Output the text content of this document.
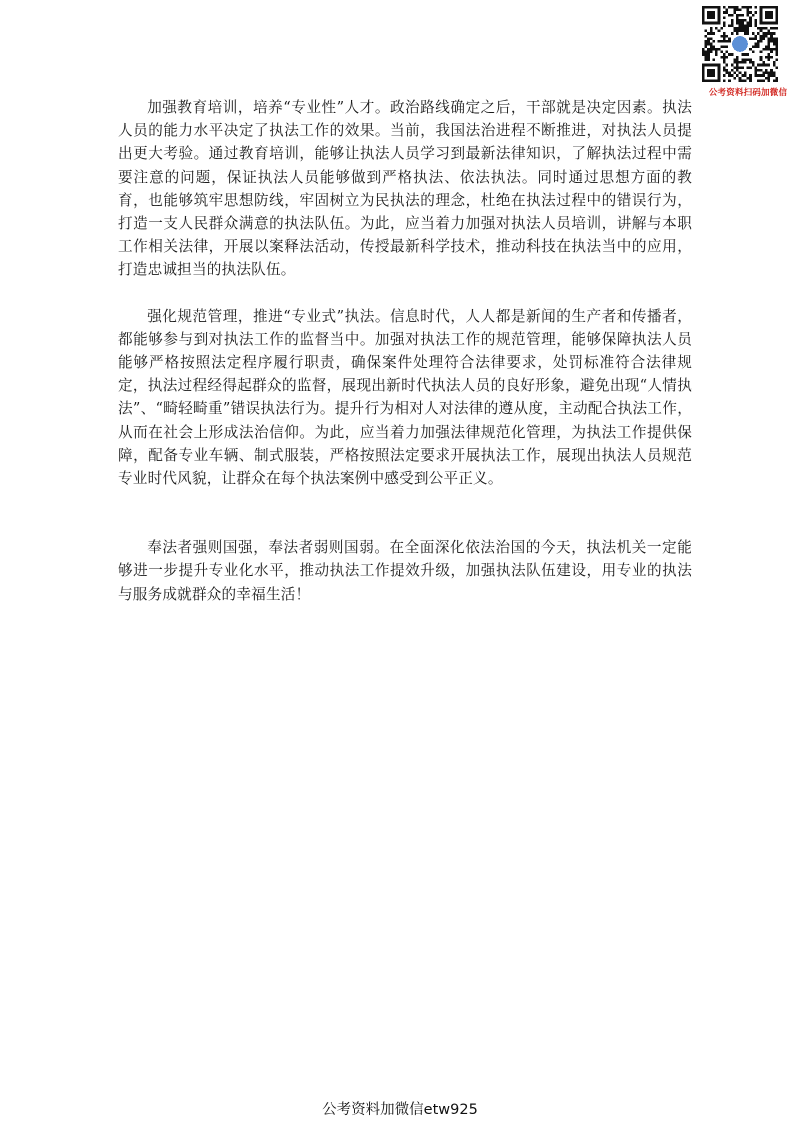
公考资料扫码加微信

加强教育培训，培养“专业性”人才。政治路线确定之后，干部就是决定因素。执法人员的能力水平决定了执法工作的效果。当前，我国法治进程不断推进，对执法人员提出更大考验。通过教育培训，能够让执法人员学习到最新法律知识，了解执法过程中需要注意的问题，保证执法人员能够做到严格执法、依法执法。同时通过思想方面的教育，也能够筑牢思想防线，牢固树立为民执法的理念，杜绝在执法过程中的错误行为，打造一支人民群众满意的执法队伍。为此，应当着力加强对执法人员培训，讲解与本职工作相关法律，开展以案释法活动，传授最新科学技术，推动科技在执法当中的应用，打造忠诚担当的执法队伍。

强化规范管理，推进“专业式”执法。信息时代，人人都是新闻的生产者和传播者，都能够参与到对执法工作的监督当中。加强对执法工作的规范管理，能够保障执法人员能够严格按照法定程序履行职责，确保案件处理符合法律要求，处罚标准符合法律规定，执法过程经得起群众的监督，展现出新时代执法人员的良好形象，避免出现“人情执法”、“畸轻畸重”错误执法行为。提升行为相对人对法律的遵从度，主动配合执法工作，从而在社会上形成法治信仰。为此，应当着力加强法律规范化管理，为执法工作提供保障，配备专业车辆、制式服装，严格按照法定要求开展执法工作，展现出执法人员规范专业时代风貌，让群众在每个执法案例中感受到公平正义。

奉法者强则国强，奉法者弱则国弱。在全面深化依法治国的今天，执法机关一定能够进一步提升专业化水平，推动执法工作提效升级，加强执法队伍建设，用专业的执法与服务成就群众的幸福生活！

公考资料加微信etw925
